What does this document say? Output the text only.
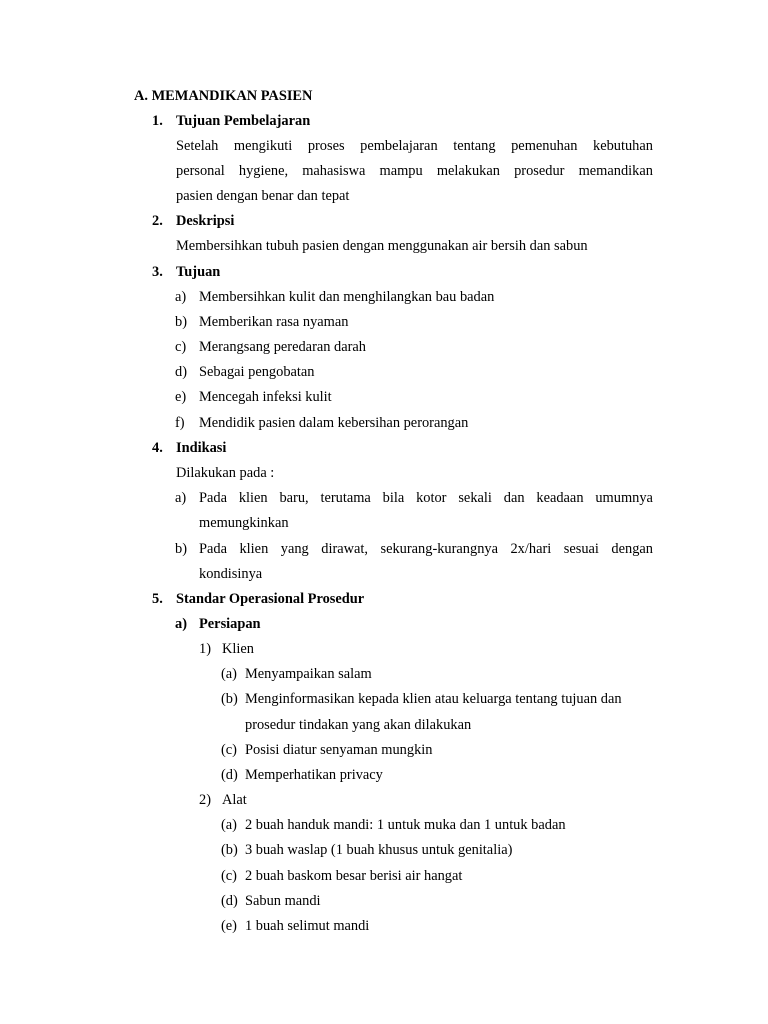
A. MEMANDIKAN PASIEN
1. Tujuan Pembelajaran
Setelah mengikuti proses pembelajaran tentang pemenuhan kebutuhan
personal hygiene, mahasiswa mampu melakukan prosedur memandikan
pasien dengan benar dan tepat
2. Deskripsi
Membersihkan tubuh pasien dengan menggunakan air bersih dan sabun
3. Tujuan
a) Membersihkan kulit dan menghilangkan bau badan
b) Memberikan rasa nyaman
c) Merangsang peredaran darah
d) Sebagai pengobatan
e) Mencegah infeksi kulit
f) Mendidik pasien dalam kebersihan perorangan
4. Indikasi
Dilakukan pada :
a) Pada klien baru, terutama bila kotor sekali dan keadaan umumnya
memungkinkan
b) Pada klien yang dirawat, sekurang-kurangnya 2x/hari sesuai dengan
kondisinya
5. Standar Operasional Prosedur
a) Persiapan
1) Klien
(a) Menyampaikan salam
(b) Menginformasikan kepada klien atau keluarga tentang tujuan dan
prosedur tindakan yang akan dilakukan
(c) Posisi diatur senyaman mungkin
(d) Memperhatikan privacy
2) Alat
(a) 2 buah handuk mandi: 1 untuk muka dan 1 untuk badan
(b) 3 buah waslap (1 buah khusus untuk genitalia)
(c) 2 buah baskom besar berisi air hangat
(d) Sabun mandi
(e) 1 buah selimut mandi
